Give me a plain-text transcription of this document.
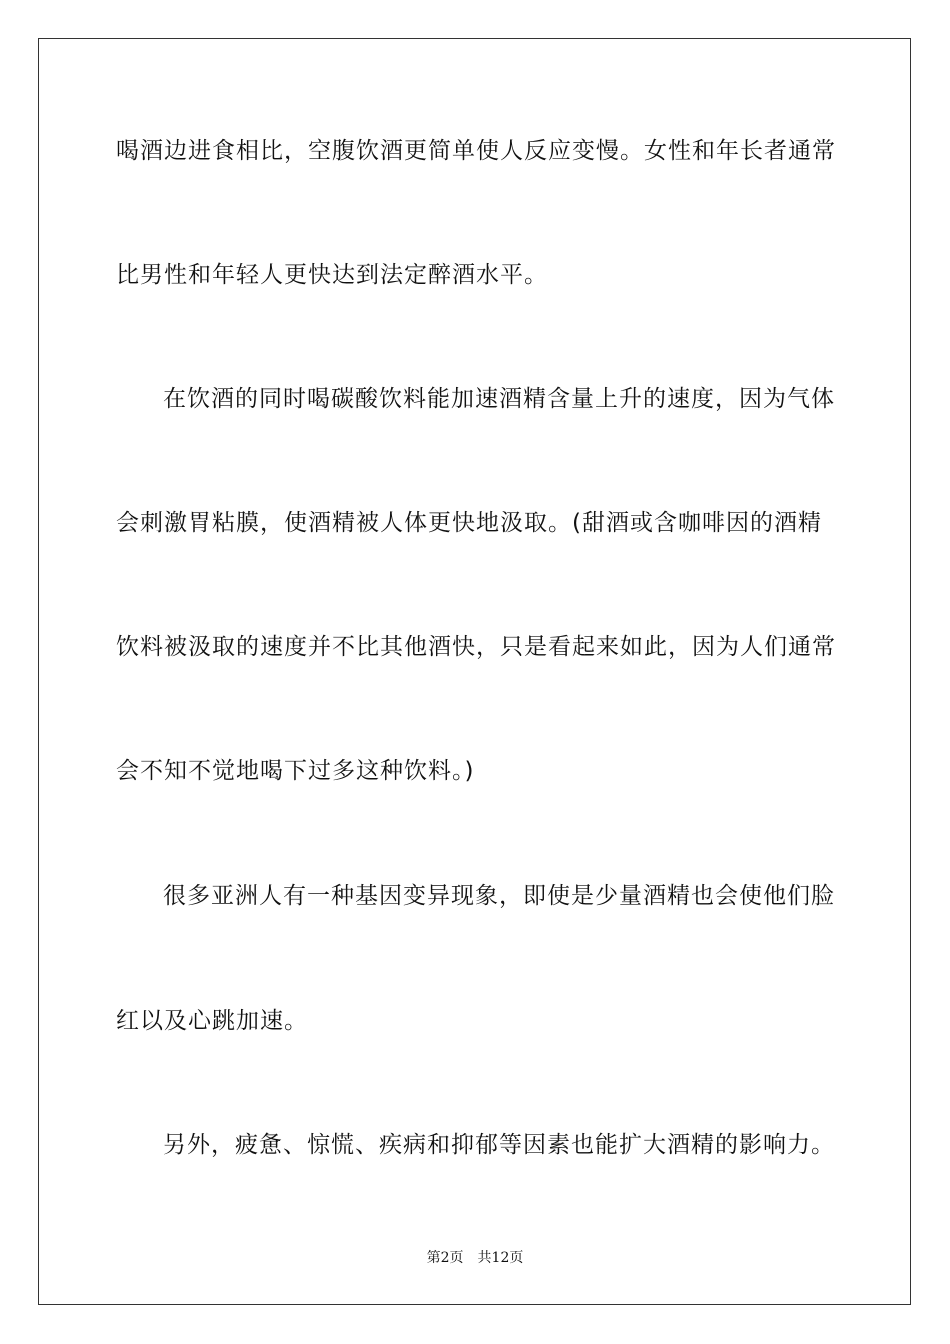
喝酒边进食相比，空腹饮酒更简单使人反应变慢。女性和年长者通常
比男性和年轻人更快达到法定醉酒水平。
在饮酒的同时喝碳酸饮料能加速酒精含量上升的速度，因为气体
会刺激胃粘膜，使酒精被人体更快地汲取。(甜酒或含咖啡因的酒精
饮料被汲取的速度并不比其他酒快，只是看起来如此，因为人们通常
会不知不觉地喝下过多这种饮料。)
很多亚洲人有一种基因变异现象，即使是少量酒精也会使他们脸
红以及心跳加速。
另外，疲惫、惊慌、疾病和抑郁等因素也能扩大酒精的影响力。
第2页 共12页
